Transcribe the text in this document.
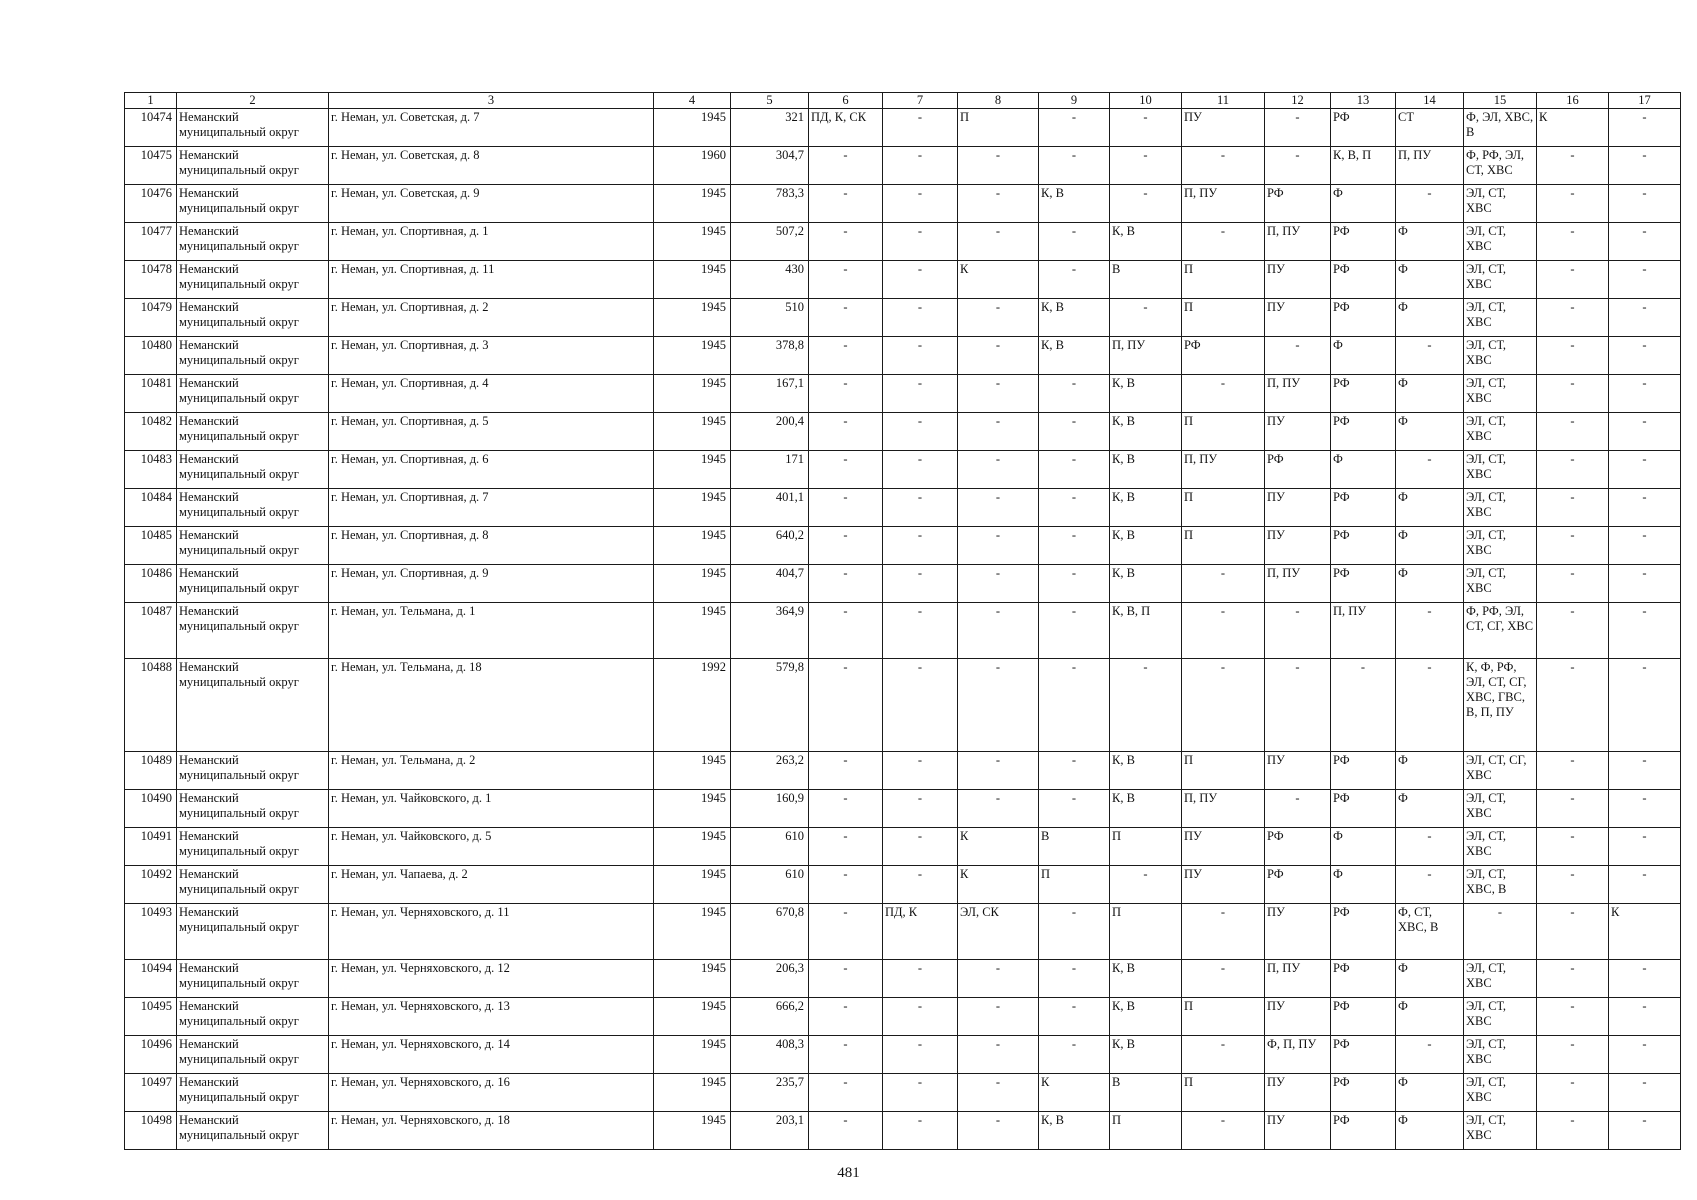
1	2	3	4	5	6	7	8	9	10	11	12	13	14	15	16	17
10474	Неманский муниципальный округ	г. Неман, ул. Советская, д. 7	1945	321	ПД, К, СК	-	П	-	-	ПУ	-	РФ	СТ	Ф, ЭЛ, ХВС, В	К	-
10475	Неманский муниципальный округ	г. Неман, ул. Советская, д. 8	1960	304,7	-	-	-	-	-	-	-	К, В, П	П, ПУ	Ф, РФ, ЭЛ, СТ, ХВС	-	-
10476	Неманский муниципальный округ	г. Неман, ул. Советская, д. 9	1945	783,3	-	-	-	К, В	-	П, ПУ	РФ	Ф	-	ЭЛ, СТ, ХВС	-	-
10477	Неманский муниципальный округ	г. Неман, ул. Спортивная, д. 1	1945	507,2	-	-	-	-	К, В	-	П, ПУ	РФ	Ф	ЭЛ, СТ, ХВС	-	-
10478	Неманский муниципальный округ	г. Неман, ул. Спортивная, д. 11	1945	430	-	-	К	-	В	П	ПУ	РФ	Ф	ЭЛ, СТ, ХВС	-	-
10479	Неманский муниципальный округ	г. Неман, ул. Спортивная, д. 2	1945	510	-	-	-	К, В	-	П	ПУ	РФ	Ф	ЭЛ, СТ, ХВС	-	-
10480	Неманский муниципальный округ	г. Неман, ул. Спортивная, д. 3	1945	378,8	-	-	-	К, В	П, ПУ	РФ	-	Ф	-	ЭЛ, СТ, ХВС	-	-
10481	Неманский муниципальный округ	г. Неман, ул. Спортивная, д. 4	1945	167,1	-	-	-	-	К, В	-	П, ПУ	РФ	Ф	ЭЛ, СТ, ХВС	-	-
10482	Неманский муниципальный округ	г. Неман, ул. Спортивная, д. 5	1945	200,4	-	-	-	-	К, В	П	ПУ	РФ	Ф	ЭЛ, СТ, ХВС	-	-
10483	Неманский муниципальный округ	г. Неман, ул. Спортивная, д. 6	1945	171	-	-	-	-	К, В	П, ПУ	РФ	Ф	-	ЭЛ, СТ, ХВС	-	-
10484	Неманский муниципальный округ	г. Неман, ул. Спортивная, д. 7	1945	401,1	-	-	-	-	К, В	П	ПУ	РФ	Ф	ЭЛ, СТ, ХВС	-	-
10485	Неманский муниципальный округ	г. Неман, ул. Спортивная, д. 8	1945	640,2	-	-	-	-	К, В	П	ПУ	РФ	Ф	ЭЛ, СТ, ХВС	-	-
10486	Неманский муниципальный округ	г. Неман, ул. Спортивная, д. 9	1945	404,7	-	-	-	-	К, В	-	П, ПУ	РФ	Ф	ЭЛ, СТ, ХВС	-	-
10487	Неманский муниципальный округ	г. Неман, ул. Тельмана, д. 1	1945	364,9	-	-	-	-	К, В, П	-	-	П, ПУ	-	Ф, РФ, ЭЛ, СТ, СГ, ХВС	-	-
10488	Неманский муниципальный округ	г. Неман, ул. Тельмана, д. 18	1992	579,8	-	-	-	-	-	-	-	-	-	К, Ф, РФ, ЭЛ, СТ, СГ, ХВС, ГВС, В, П, ПУ	-	-
10489	Неманский муниципальный округ	г. Неман, ул. Тельмана, д. 2	1945	263,2	-	-	-	-	К, В	П	ПУ	РФ	Ф	ЭЛ, СТ, СГ, ХВС	-	-
10490	Неманский муниципальный округ	г. Неман, ул. Чайковского, д. 1	1945	160,9	-	-	-	-	К, В	П, ПУ	-	РФ	Ф	ЭЛ, СТ, ХВС	-	-
10491	Неманский муниципальный округ	г. Неман, ул. Чайковского, д. 5	1945	610	-	-	К	В	П	ПУ	РФ	Ф	-	ЭЛ, СТ, ХВС	-	-
10492	Неманский муниципальный округ	г. Неман, ул. Чапаева, д. 2	1945	610	-	-	К	П	-	ПУ	РФ	Ф	-	ЭЛ, СТ, ХВС, В	-	-
10493	Неманский муниципальный округ	г. Неман, ул. Черняховского, д. 11	1945	670,8	-	ПД, К	ЭЛ, СК	-	П	-	ПУ	РФ	Ф, СТ, ХВС, В	-	-	К
10494	Неманский муниципальный округ	г. Неман, ул. Черняховского, д. 12	1945	206,3	-	-	-	-	К, В	-	П, ПУ	РФ	Ф	ЭЛ, СТ, ХВС	-	-
10495	Неманский муниципальный округ	г. Неман, ул. Черняховского, д. 13	1945	666,2	-	-	-	-	К, В	П	ПУ	РФ	Ф	ЭЛ, СТ, ХВС	-	-
10496	Неманский муниципальный округ	г. Неман, ул. Черняховского, д. 14	1945	408,3	-	-	-	-	К, В	-	Ф, П, ПУ	РФ	-	ЭЛ, СТ, ХВС	-	-
10497	Неманский муниципальный округ	г. Неман, ул. Черняховского, д. 16	1945	235,7	-	-	-	К	В	П	ПУ	РФ	Ф	ЭЛ, СТ, ХВС	-	-
10498	Неманский муниципальный округ	г. Неман, ул. Черняховского, д. 18	1945	203,1	-	-	-	К, В	П	-	ПУ	РФ	Ф	ЭЛ, СТ, ХВС	-	-
481
